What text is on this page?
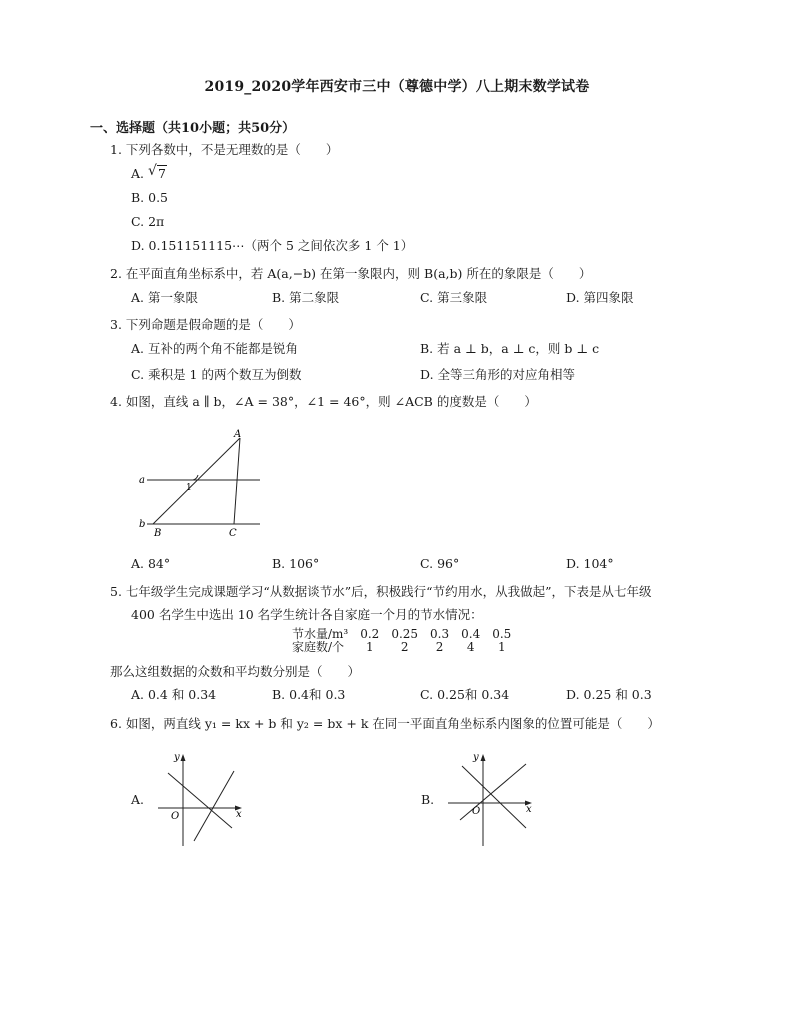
2019_2020学年西安市三中（尊德中学）八上期末数学试卷
一、选择题（共10小题；共50分）
1. 下列各数中，不是无理数的是（　　）
A. √ 7
B. 0.5
C. 2π
D. 0.151151115⋯（两个 5 之间依次多 1 个 1）
2. 在平面直角坐标系中，若 A(a,−b) 在第一象限内，则 B(a,b) 所在的象限是（　　）
A. 第一象限	B. 第二象限	C. 第三象限	D. 第四象限
3. 下列命题是假命题的是（　　）
A. 互补的两个角不能都是锐角	B. 若 a ⊥ b，a ⊥ c，则 b ⊥ c
C. 乘积是 1 的两个数互为倒数	D. 全等三角形的对应角相等
4. 如图，直线 a ∥ b，∠A = 38°，∠1 = 46°，则 ∠ACB 的度数是（　　）
A
a
1
b
B	C
A. 84°	B. 106°	C. 96°	D. 104°
5. 七年级学生完成课题学习“从数据谈节水”后，积极践行“节约用水，从我做起”，下表是从七年级
400 名学生中选出 10 名学生统计各自家庭一个月的节水情况：
节水量/m³	0.2	0.25	0.3	0.4	0.5
家庭数/个	1	2	2	4	1
那么这组数据的众数和平均数分别是（　　）
A. 0.4 和 0.34	B. 0.4和 0.3	C. 0.25和 0.34	D. 0.25 和 0.3
6. 如图，两直线 y₁ = kx + b 和 y₂ = bx + k 在同一平面直角坐标系内图象的位置可能是（　　）
A.
y
x
O
B.
y
x
O
